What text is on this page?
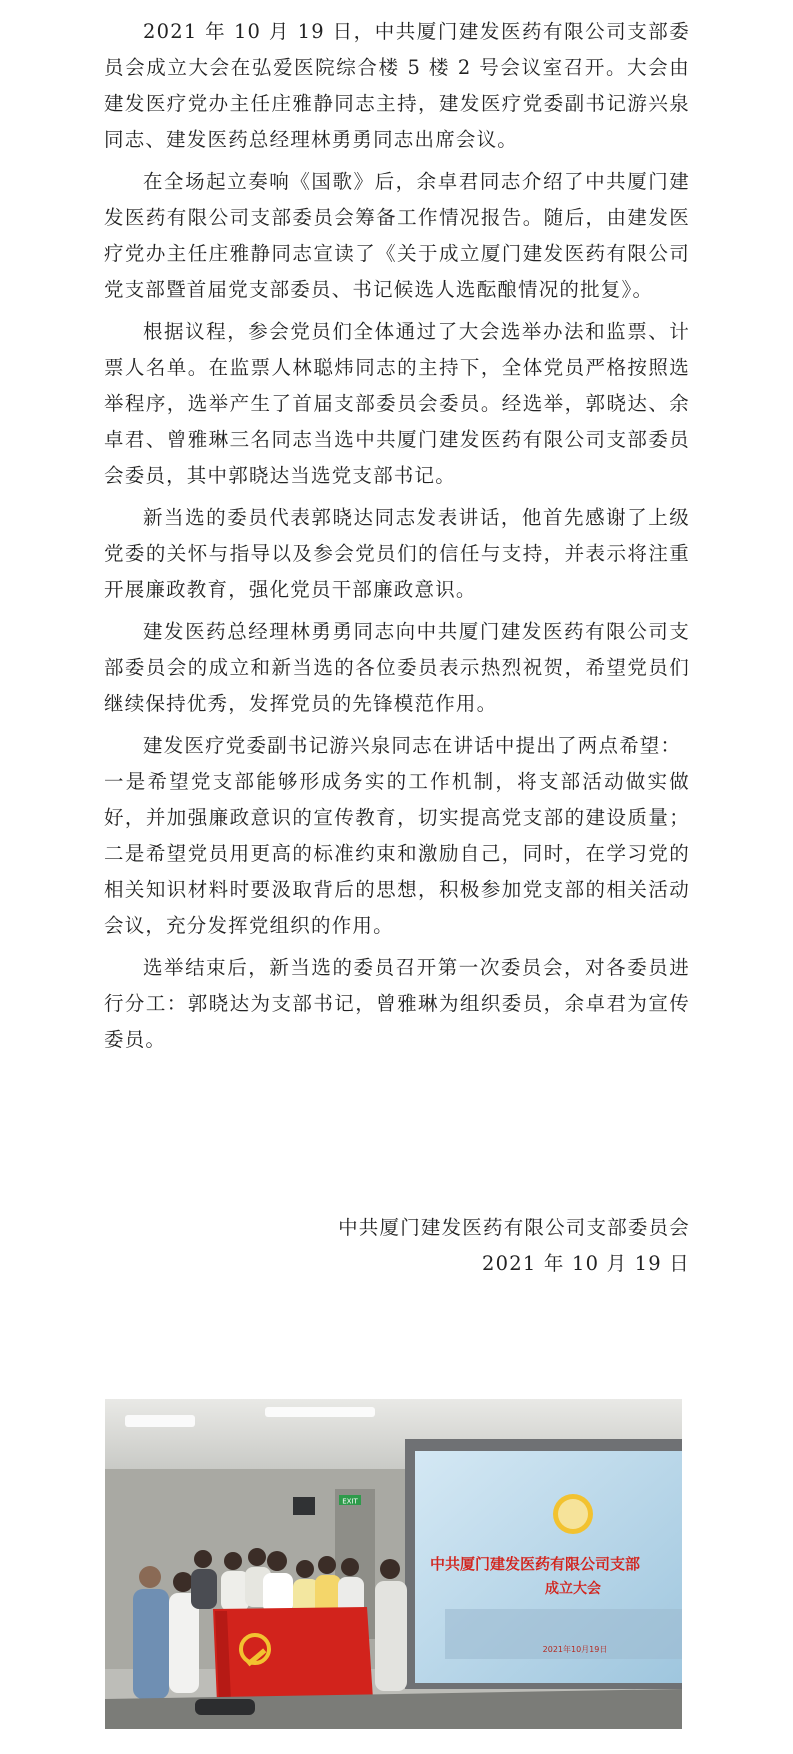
2021 年 10 月 19 日，中共厦门建发医药有限公司支部委员会成立大会在弘爱医院综合楼 5 楼 2 号会议室召开。大会由建发医疗党办主任庄雅静同志主持，建发医疗党委副书记游兴泉同志、建发医药总经理林勇勇同志出席会议。

在全场起立奏响《国歌》后，余卓君同志介绍了中共厦门建发医药有限公司支部委员会筹备工作情况报告。随后，由建发医疗党办主任庄雅静同志宣读了《关于成立厦门建发医药有限公司党支部暨首届党支部委员、书记候选人选酝酿情况的批复》。

根据议程，参会党员们全体通过了大会选举办法和监票、计票人名单。在监票人林聪炜同志的主持下，全体党员严格按照选举程序，选举产生了首届支部委员会委员。经选举，郭晓达、余卓君、曾雅琳三名同志当选中共厦门建发医药有限公司支部委员会委员，其中郭晓达当选党支部书记。

新当选的委员代表郭晓达同志发表讲话，他首先感谢了上级党委的关怀与指导以及参会党员们的信任与支持，并表示将注重开展廉政教育，强化党员干部廉政意识。

建发医药总经理林勇勇同志向中共厦门建发医药有限公司支部委员会的成立和新当选的各位委员表示热烈祝贺，希望党员们继续保持优秀，发挥党员的先锋模范作用。

建发医疗党委副书记游兴泉同志在讲话中提出了两点希望：

一是希望党支部能够形成务实的工作机制，将支部活动做实做好，并加强廉政意识的宣传教育，切实提高党支部的建设质量；二是希望党员用更高的标准约束和激励自己，同时，在学习党的相关知识材料时要汲取背后的思想，积极参加党支部的相关活动会议，充分发挥党组织的作用。

选举结束后，新当选的委员召开第一次委员会，对各委员进行分工：郭晓达为支部书记，曾雅琳为组织委员，余卓君为宣传委员。

中共厦门建发医药有限公司支部委员会
2021 年 10 月 19 日
EXIT
中共厦门建发医药有限公司支部
成立大会
2021年10月19日
